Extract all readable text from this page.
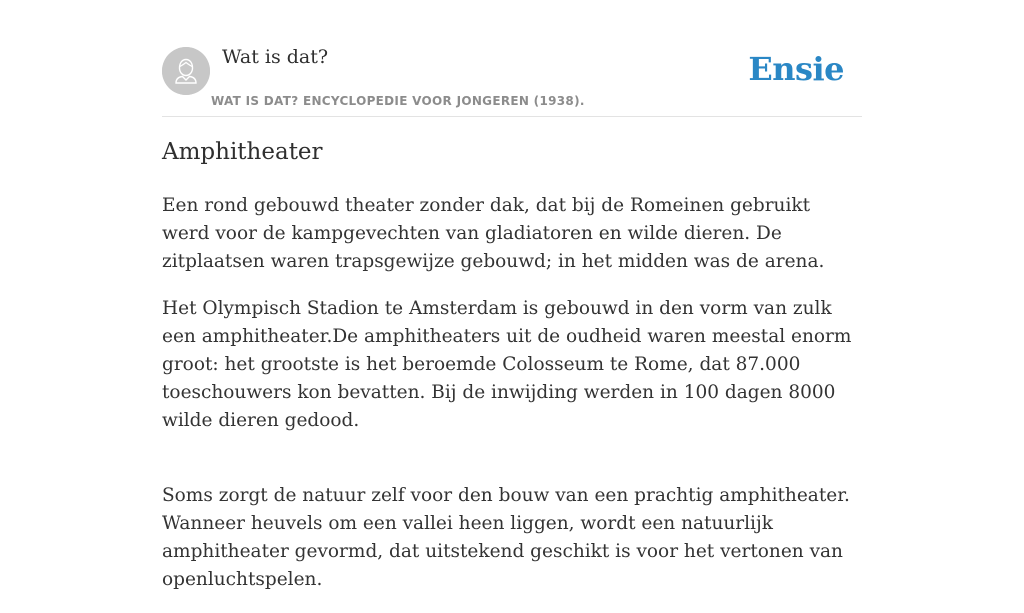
Wat is dat?
WAT IS DAT? ENCYCLOPEDIE VOOR JONGEREN (1938).
Ensie
Amphitheater

Een rond gebouwd theater zonder dak, dat bij de Romeinen gebruikt werd voor de kampgevechten van gladiatoren en wilde dieren. De zitplaatsen waren trapsgewijze gebouwd; in het midden was de arena.

Het Olympisch Stadion te Amsterdam is gebouwd in den vorm van zulk een amphitheater.De amphitheaters uit de oudheid waren meestal enorm groot: het grootste is het beroemde Colosseum te Rome, dat 87.000 toeschouwers kon bevatten. Bij de inwijding werden in 100 dagen 8000 wilde dieren gedood.

Soms zorgt de natuur zelf voor den bouw van een prachtig amphitheater. Wanneer heuvels om een vallei heen liggen, wordt een natuurlijk amphitheater gevormd, dat uitstekend geschikt is voor het vertonen van openluchtspelen.
